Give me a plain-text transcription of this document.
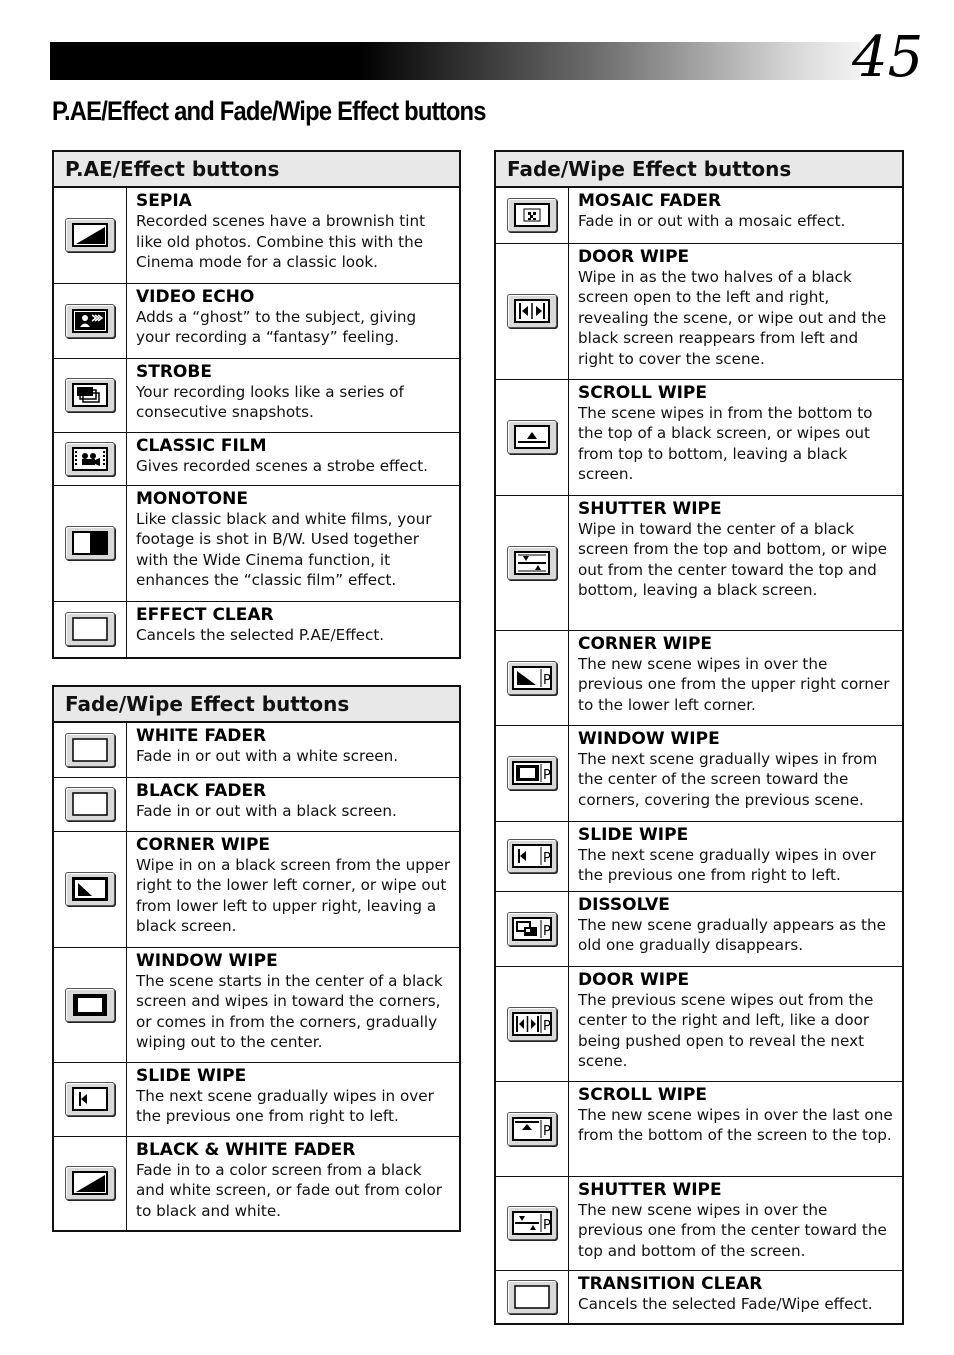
45
P.AE/Effect and Fade/Wipe Effect buttons
P.AE/Effect buttons

SEPIA
Recorded scenes have a brownish tint like old photos. Combine this with the Cinema mode for a classic look.

VIDEO ECHO
Adds a “ghost” to the subject, giving your recording a “fantasy” feeling.

STROBE
Your recording looks like a series of consecutive snapshots.

CLASSIC FILM
Gives recorded scenes a strobe effect.

MONOTONE
Like classic black and white films, your footage is shot in B/W. Used together with the Wide Cinema function, it enhances the “classic film” effect.

EFFECT CLEAR
Cancels the selected P.AE/Effect.
Fade/Wipe Effect buttons

WHITE FADER
Fade in or out with a white screen.

BLACK FADER
Fade in or out with a black screen.

CORNER WIPE
Wipe in on a black screen from the upper right to the lower left corner, or wipe out from lower left to upper right, leaving a black screen.

WINDOW WIPE
The scene starts in the center of a black screen and wipes in toward the corners, or comes in from the corners, gradually wiping out to the center.

SLIDE WIPE
The next scene gradually wipes in over the previous one from right to left.

BLACK & WHITE FADER
Fade in to a color screen from a black and white screen, or fade out from color to black and white.
Fade/Wipe Effect buttons

MOSAIC FADER
Fade in or out with a mosaic effect.

DOOR WIPE
Wipe in as the two halves of a black screen open to the left and right, revealing the scene, or wipe out and the black screen reappears from left and right to cover the scene.

SCROLL WIPE
The scene wipes in from the bottom to the top of a black screen, or wipes out from top to bottom, leaving a black screen.

SHUTTER WIPE
Wipe in toward the center of a black screen from the top and bottom, or wipe out from the center toward the top and bottom, leaving a black screen.

P	CORNER WIPE
The new scene wipes in over the previous one from the upper right corner to the lower left corner.

P	WINDOW WIPE
The next scene gradually wipes in from the center of the screen toward the corners, covering the previous scene.

P	SLIDE WIPE
The next scene gradually wipes in over the previous one from right to left.

P	DISSOLVE
The new scene gradually appears as the old one gradually disappears.

P	DOOR WIPE
The previous scene wipes out from the center to the right and left, like a door being pushed open to reveal the next scene.

P	SCROLL WIPE
The new scene wipes in over the last one from the bottom of the screen to the top.

P	SHUTTER WIPE
The new scene wipes in over the previous one from the center toward the top and bottom of the screen.

TRANSITION CLEAR
Cancels the selected Fade/Wipe effect.
